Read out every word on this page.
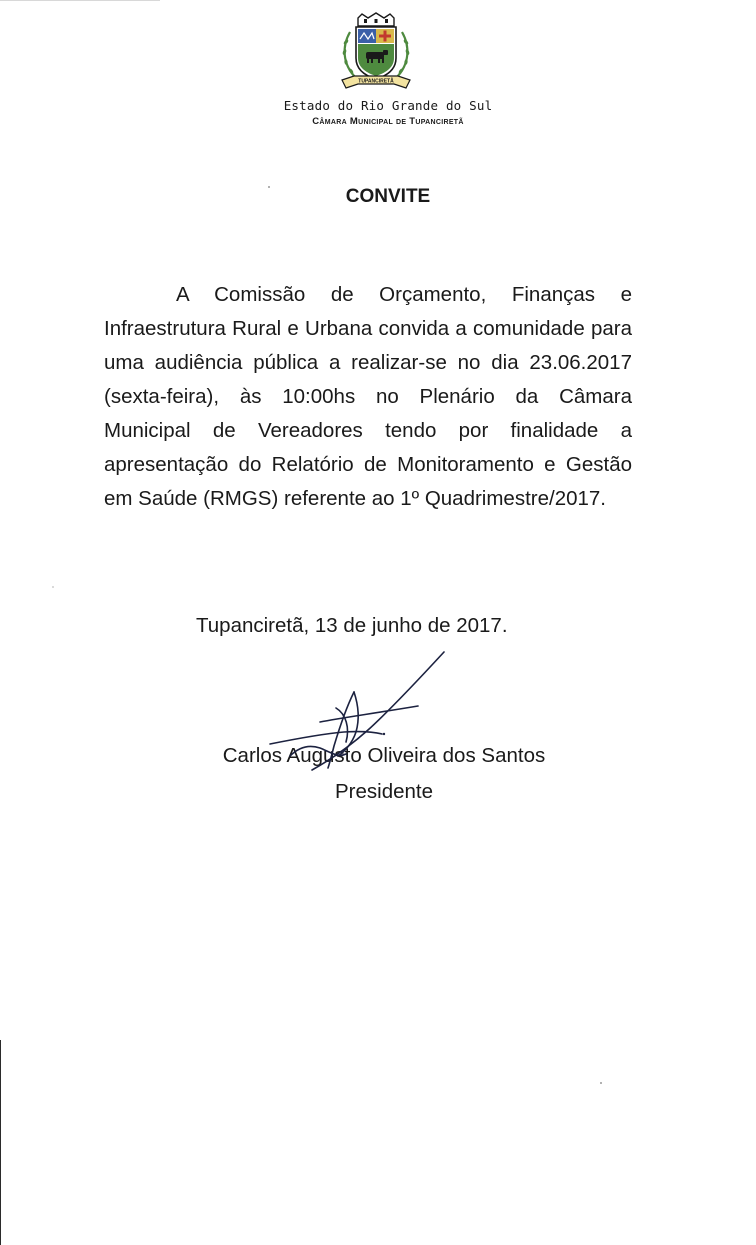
TUPANCIRETÃ
Estado do Rio Grande do Sul
Câmara Municipal de Tupanciretã
CONVITE
A Comissão de Orçamento, Finanças e Infraestrutura Rural e Urbana convida a comunidade para uma audiência pública a realizar-se no dia 23.06.2017 (sexta-feira), às 10:00hs no Plenário da Câmara Municipal de Vereadores tendo por finalidade a apresentação do Relatório de Monitoramento e Gestão em Saúde (RMGS) referente ao 1º Quadrimestre/2017.
Tupanciretã, 13 de junho de 2017.
Carlos Augusto Oliveira dos Santos
Presidente
